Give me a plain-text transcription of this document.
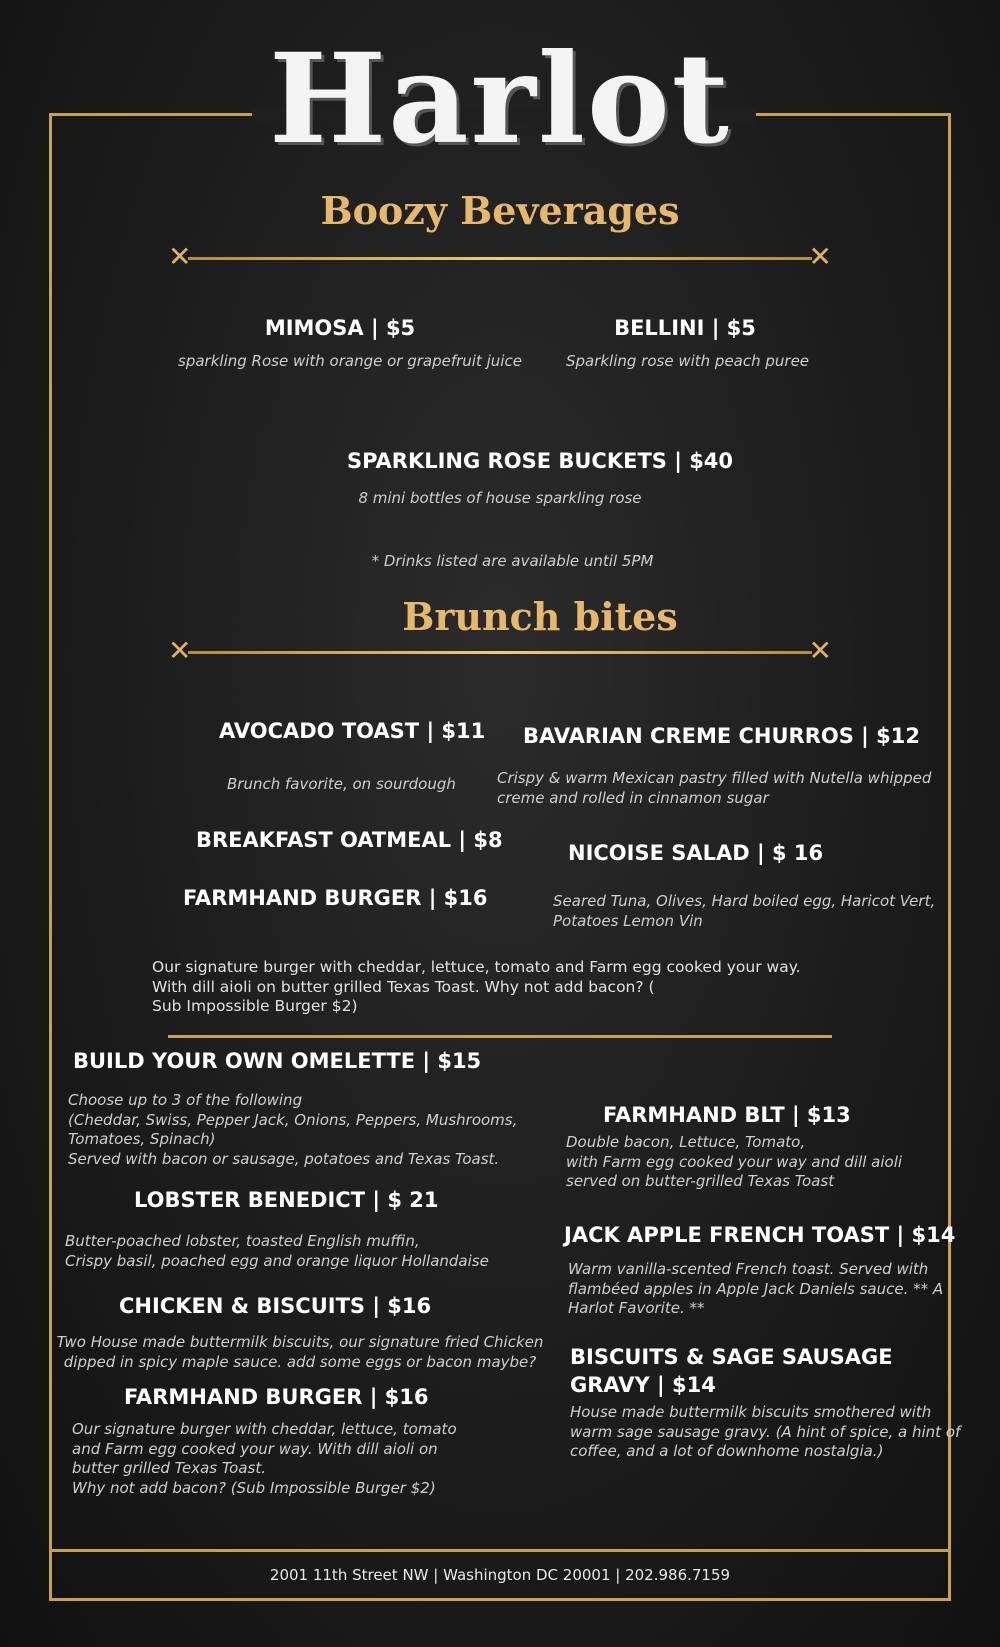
Harlot
Boozy Beverages
✕	✕
MIMOSA | $5
sparkling Rose with orange or grapefruit juice
BELLINI | $5
Sparkling rose with peach puree
SPARKLING ROSE BUCKETS | $40
8 mini bottles of house sparkling rose
* Drinks listed are available until 5PM
Brunch bites
✕	✕
AVOCADO TOAST | $11
Brunch favorite, on sourdough
BAVARIAN CREME CHURROS | $12
Crispy & warm Mexican pastry filled with Nutella whipped
creme and rolled in cinnamon sugar
BREAKFAST OATMEAL | $8
NICOISE SALAD | $ 16
Seared Tuna, Olives, Hard boiled egg, Haricot Vert,
Potatoes Lemon Vin
FARMHAND BURGER | $16
Our signature burger with cheddar, lettuce, tomato and Farm egg cooked your way.
With dill aioli on butter grilled Texas Toast. Why not add bacon? (
Sub Impossible Burger $2)
BUILD YOUR OWN OMELETTE | $15
Choose up to 3 of the following
(Cheddar, Swiss, Pepper Jack, Onions, Peppers, Mushrooms,
Tomatoes, Spinach)
Served with bacon or sausage, potatoes and Texas Toast.
FARMHAND BLT | $13
Double bacon, Lettuce, Tomato,
with Farm egg cooked your way and dill aioli
served on butter-grilled Texas Toast
LOBSTER BENEDICT | $ 21
Butter-poached lobster, toasted English muffin,
Crispy basil, poached egg and orange liquor Hollandaise
JACK APPLE FRENCH TOAST | $14
Warm vanilla-scented French toast. Served with
flambéed apples in Apple Jack Daniels sauce. ** A
Harlot Favorite. **
CHICKEN & BISCUITS | $16
Two House made buttermilk biscuits, our signature fried Chicken
dipped in spicy maple sauce. add some eggs or bacon maybe?	BISCUITS & SAGE SAUSAGE
GRAVY | $14
House made buttermilk biscuits smothered with
warm sage sausage gravy. (A hint of spice, a hint of
coffee, and a lot of downhome nostalgia.)
FARMHAND BURGER | $16
Our signature burger with cheddar, lettuce, tomato
and Farm egg cooked your way. With dill aioli on
butter grilled Texas Toast.
Why not add bacon? (Sub Impossible Burger $2)
2001 11th Street NW | Washington DC 20001 | 202.986.7159
